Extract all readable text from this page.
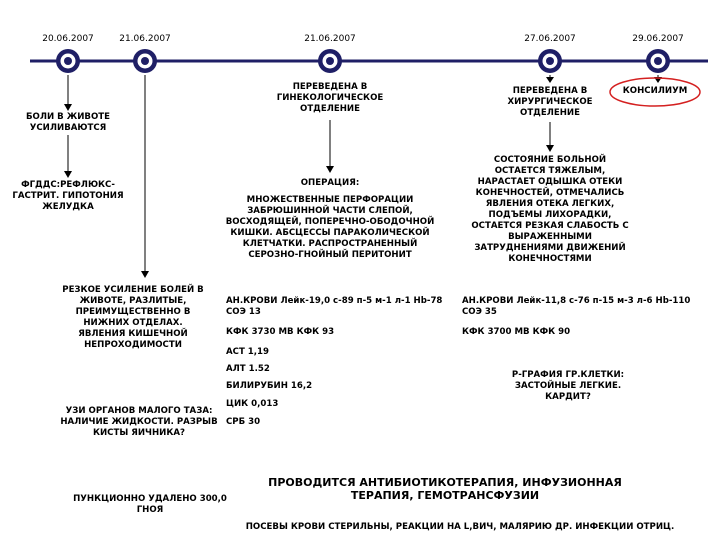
20.06.2007	21.06.2007	21.06.2007	27.06.2007	29.06.2007
БОЛИ В ЖИВОТЕ УСИЛИВАЮТСЯ
ФГДДС:РЕФЛЮКС-ГАСТРИТ. ГИПОТОНИЯ ЖЕЛУДКА
РЕЗКОЕ УСИЛЕНИЕ БОЛЕЙ В ЖИВОТЕ, РАЗЛИТЫЕ, ПРЕИМУЩЕСТВЕННО В НИЖНИХ ОТДЕЛАХ. ЯВЛЕНИЯ КИШЕЧНОЙ НЕПРОХОДИМОСТИ
УЗИ ОРГАНОВ МАЛОГО ТАЗА: НАЛИЧИЕ ЖИДКОСТИ. РАЗРЫВ КИСТЫ ЯИЧНИКА?
ПУНКЦИОННО УДАЛЕНО 300,0 ГНОЯ
ПЕРЕВЕДЕНА В ГИНЕКОЛОГИЧЕСКОЕ ОТДЕЛЕНИЕ
ОПЕРАЦИЯ:
МНОЖЕСТВЕННЫЕ ПЕРФОРАЦИИ ЗАБРЮШИННОЙ ЧАСТИ СЛЕПОЙ, ВОСХОДЯЩЕЙ, ПОПЕРЕЧНО-ОБОДОЧНОЙ КИШКИ. АБСЦЕССЫ ПАРАКОЛИЧЕСКОЙ КЛЕТЧАТКИ. РАСПРОСТРАНЕННЫЙ СЕРОЗНО-ГНОЙНЫЙ ПЕРИТОНИТ
АН.КРОВИ Лейк-19,0 с-89 п-5 м-1 л-1 Hb-78 СОЭ 13
КФК 3730 МВ КФК 93
АСТ 1,19
АЛТ 1.52
БИЛИРУБИН 16,2
ЦИК 0,013
СРБ 30
ПЕРЕВЕДЕНА В ХИРУРГИЧЕСКОЕ ОТДЕЛЕНИЕ
КОНСИЛИУМ
СОСТОЯНИЕ БОЛЬНОЙ ОСТАЕТСЯ ТЯЖЕЛЫМ, НАРАСТАЕТ ОДЫШКА ОТЕКИ КОНЕЧНОСТЕЙ, ОТМЕЧАЛИСЬ ЯВЛЕНИЯ ОТЕКА ЛЕГКИХ, ПОДЪЕМЫ ЛИХОРАДКИ, ОСТАЕТСЯ РЕЗКАЯ СЛАБОСТЬ С ВЫРАЖЕННЫМИ ЗАТРУДНЕНИЯМИ ДВИЖЕНИЙ КОНЕЧНОСТЯМИ
АН.КРОВИ Лейк-11,8 с-76 п-15 м-3 л-6 Hb-110 СОЭ 35
КФК 3700 МВ КФК 90
Р-ГРАФИЯ ГР.КЛЕТКИ: ЗАСТОЙНЫЕ ЛЕГКИЕ. КАРДИТ?
ПРОВОДИТСЯ АНТИБИОТИКОТЕРАПИЯ, ИНФУЗИОННАЯ ТЕРАПИЯ, ГЕМОТРАНСФУЗИИ
ПОСЕВЫ КРОВИ СТЕРИЛЬНЫ, РЕАКЦИИ НА L,ВИЧ, МАЛЯРИЮ ДР. ИНФЕКЦИИ ОТРИЦ.
